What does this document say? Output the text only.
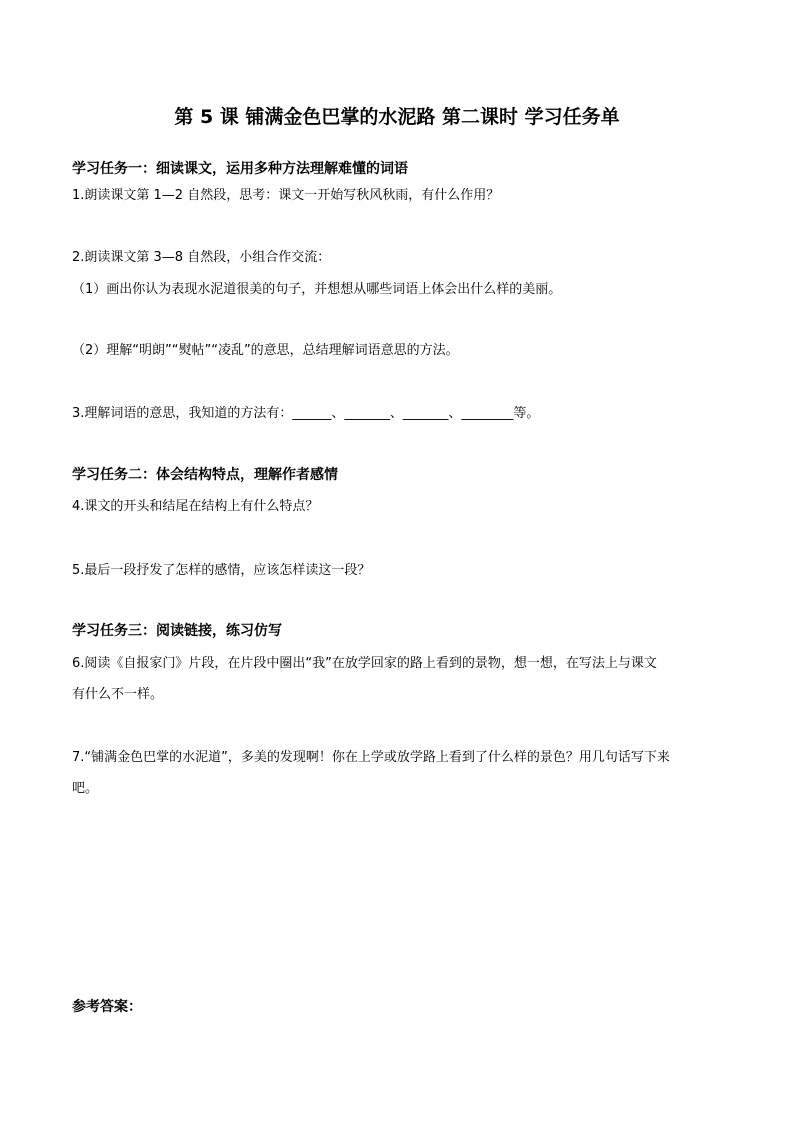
第 5 课 铺满金色巴掌的水泥路 第二课时 学习任务单
学习任务一：细读课文，运用多种方法理解难懂的词语
1.朗读课文第 1—2 自然段，思考：课文一开始写秋风秋雨，有什么作用？
2.朗读课文第 3—8 自然段，小组合作交流：
（1）画出你认为表现水泥道很美的句子，并想想从哪些词语上体会出什么样的美丽。
（2）理解“明朗”“熨帖”“凌乱”的意思，总结理解词语意思的方法。
3.理解词语的意思，我知道的方法有：______、_______、_______、________等。
学习任务二：体会结构特点，理解作者感情
4.课文的开头和结尾在结构上有什么特点？
5.最后一段抒发了怎样的感情，应该怎样读这一段？
学习任务三：阅读链接，练习仿写
6.阅读《自报家门》片段，在片段中圈出“我”在放学回家的路上看到的景物，想一想，在写法上与课文
有什么不一样。
7.“铺满金色巴掌的水泥道”，多美的发现啊！你在上学或放学路上看到了什么样的景色？用几句话写下来
吧。
参考答案：
